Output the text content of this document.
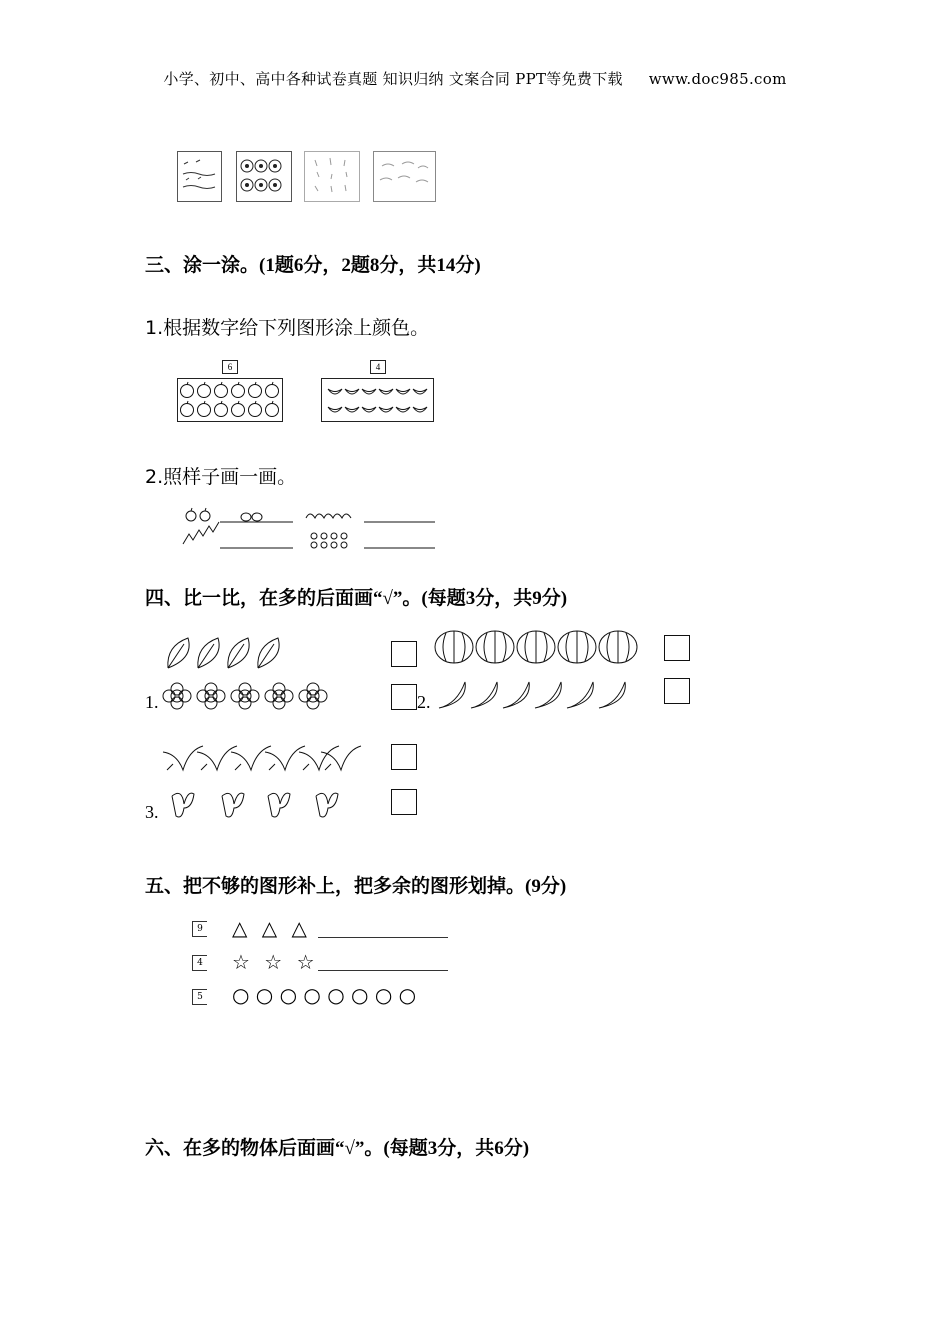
小学、初中、高中各种试卷真题 知识归纳 文案合同 PPT等免费下载 www.doc985.com
三、涂一涂。(1题6分，2题8分，共14分)
1.根据数字给下列图形涂上颜色。
6	4
2.照样子画一画。
四、比一比，在多的后面画“√”。(每题3分，共9分)
1.	2.
3.
五、把不够的图形补上，把多余的图形划掉。(9分)
9 △ △ △
4 ☆ ☆ ☆
5 ○ ○ ○ ○ ○ ○ ○ ○
六、在多的物体后面画“√”。(每题3分，共6分)
